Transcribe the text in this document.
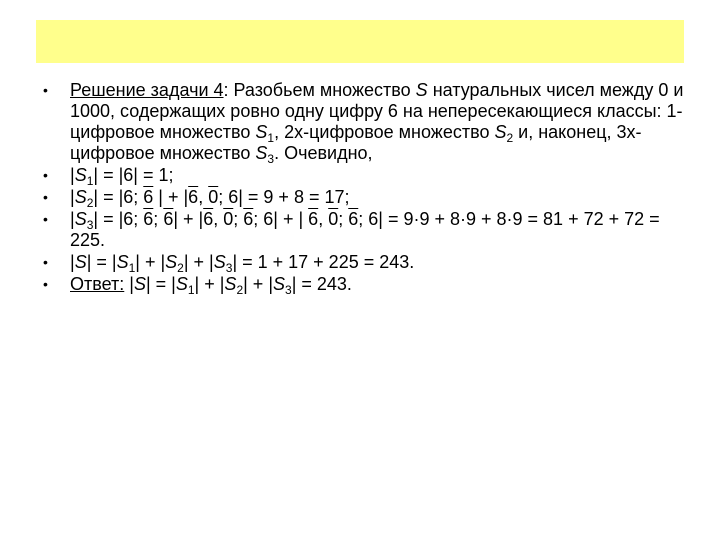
• Решение задачи 4: Разобьем множество S натуральных чисел между 0 и 1000, содержащих ровно одну цифру 6 на непересекающиеся классы: 1-цифровое множество $S_1$, 2х-цифровое множество $S_2$ и, наконец, 3х-цифровое множество $S_3$. Очевидно,
• $|S_1| = |6| = 1$;
• $|S_2| = |6$; 6 | + |6, 0; 6| = 9 + 8 = 17;
• $|S_3| = |6$; 6; 6| + |6, 0; 6; 6| + | 6, 0; 6; 6| = 9·9 + 8·9 + 8·9 = 81 + 72 + 72 = 225.
• $|S| = |S_1| + |S_2| + |S_3| = 1 + 17 + 225 = 243$.
• Ответ: $|S| = |S_1| + |S_2| + |S_3| = 243$.
